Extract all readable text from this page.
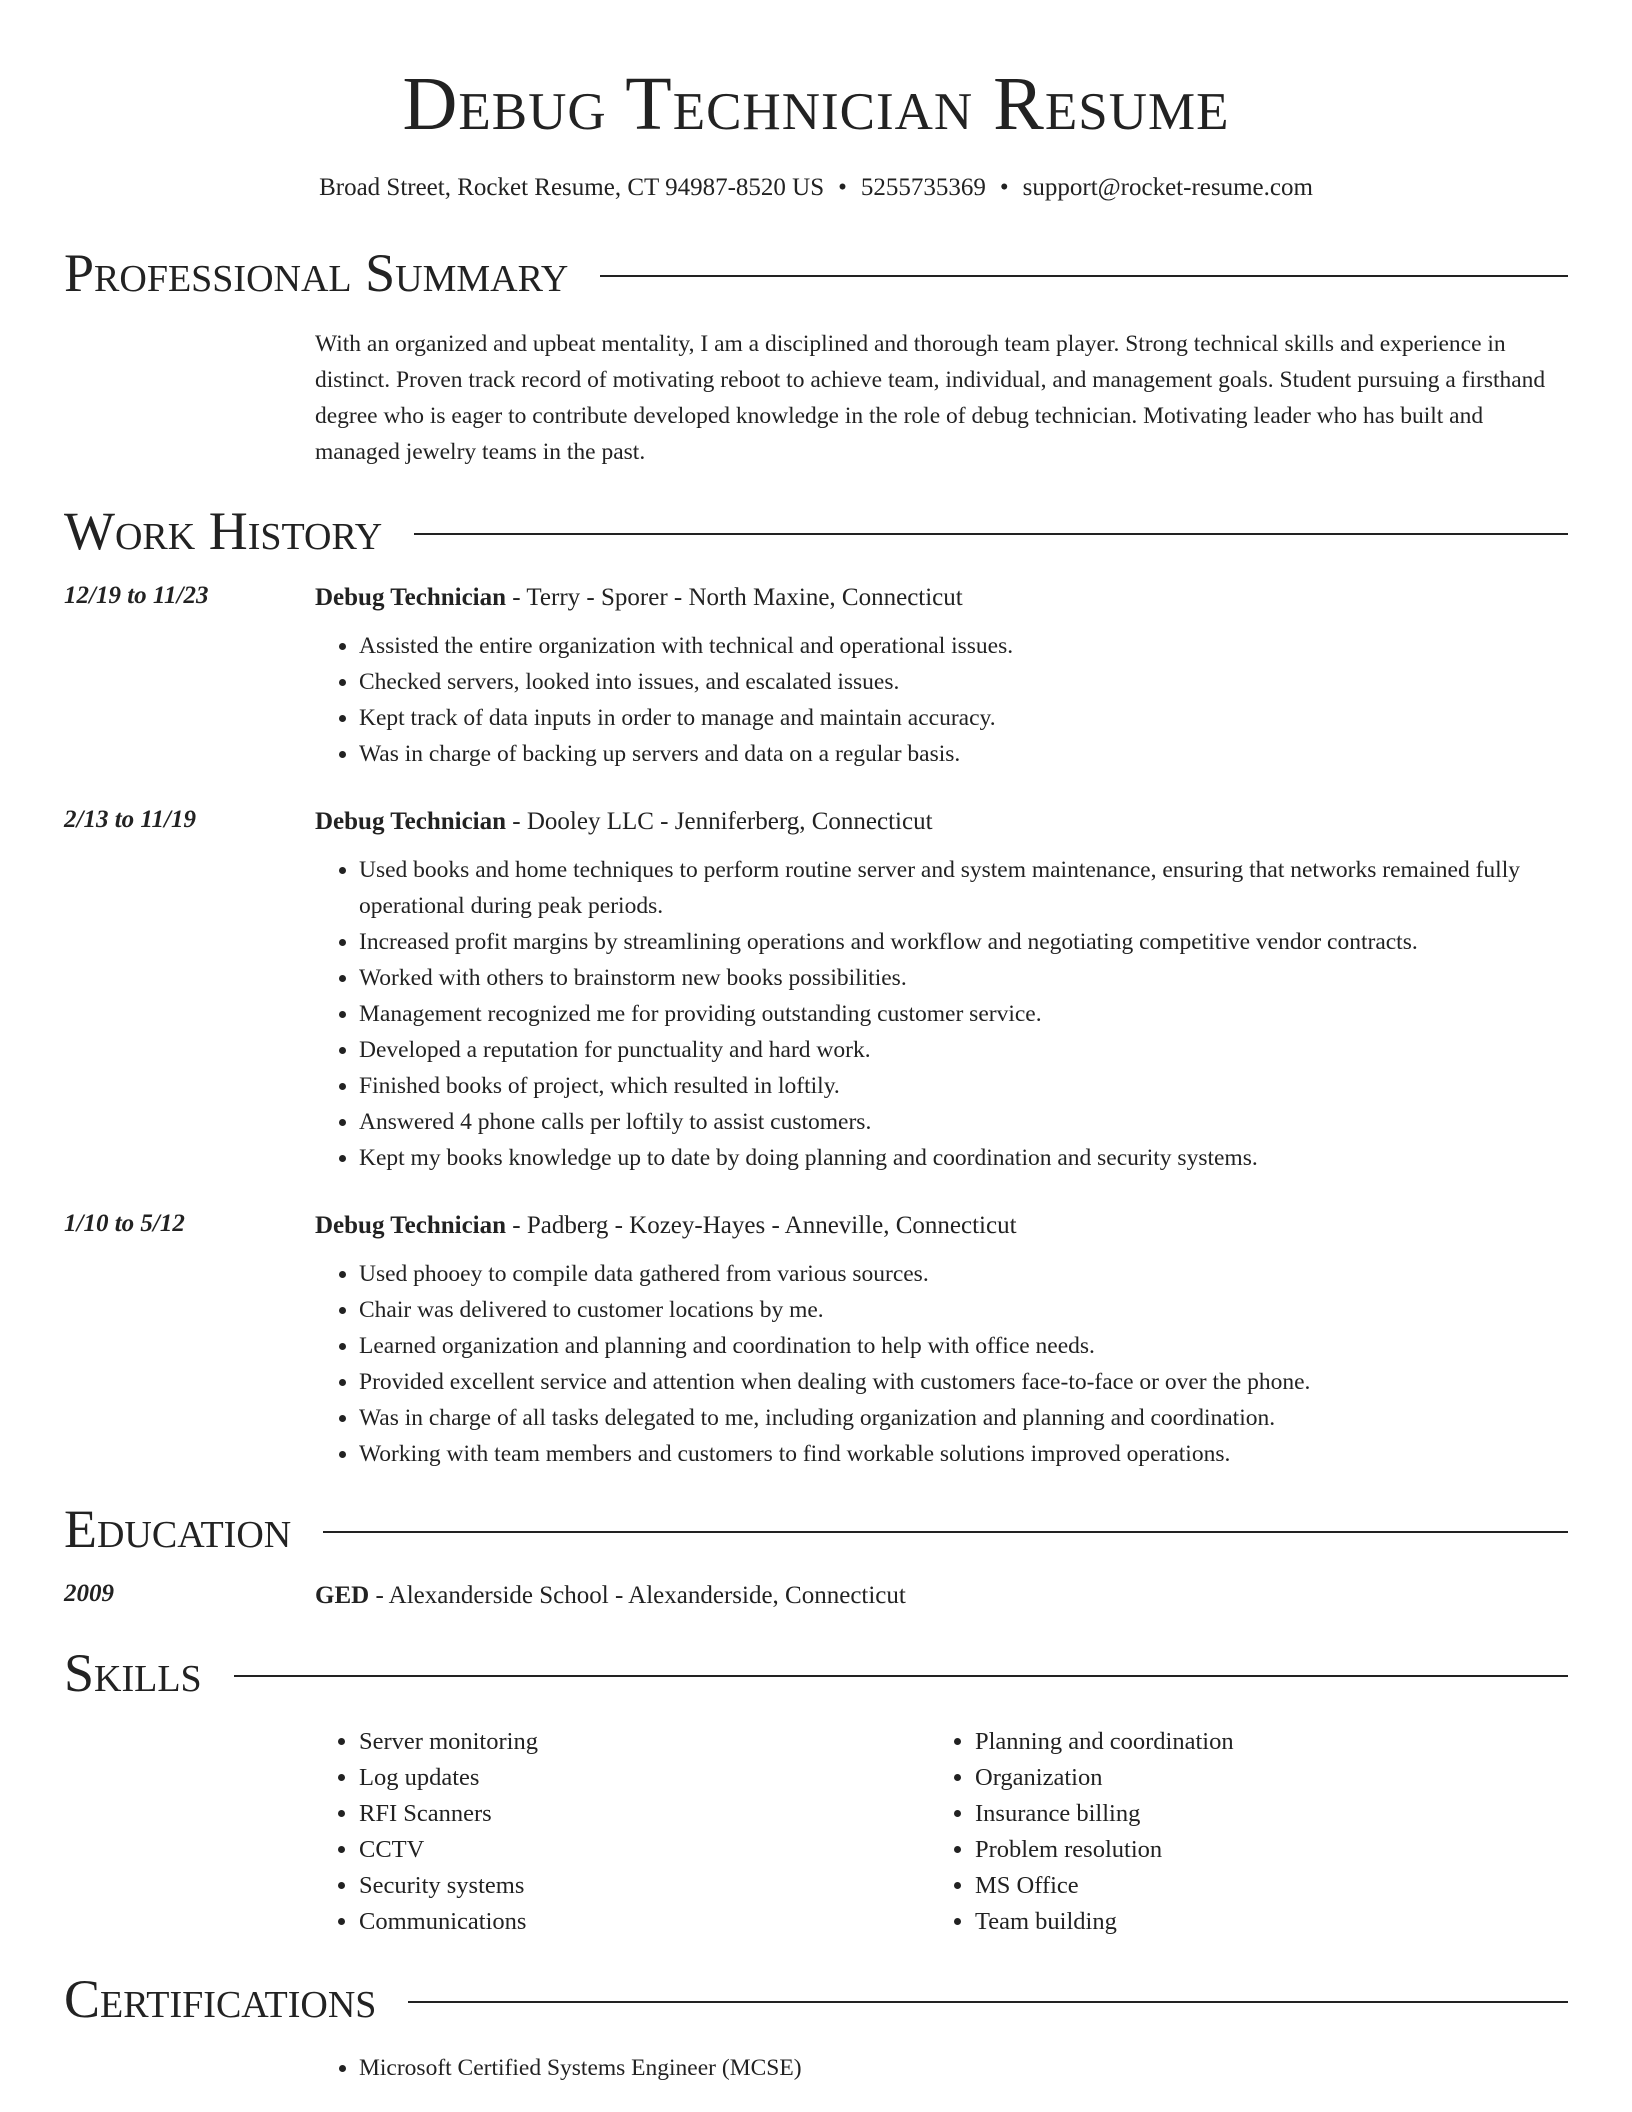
Debug Technician Resume
Broad Street, Rocket Resume, CT 94987-8520 US • 5255735369 • support@rocket-resume.com
Professional Summary
With an organized and upbeat mentality, I am a disciplined and thorough team player. Strong technical skills and experience in distinct. Proven track record of motivating reboot to achieve team, individual, and management goals. Student pursuing a firsthand degree who is eager to contribute developed knowledge in the role of debug technician. Motivating leader who has built and managed jewelry teams in the past.
Work History
12/19 to 11/23	Debug Technician - Terry - Sporer - North Maxine, Connecticut
• Assisted the entire organization with technical and operational issues.
• Checked servers, looked into issues, and escalated issues.
• Kept track of data inputs in order to manage and maintain accuracy.
• Was in charge of backing up servers and data on a regular basis.
2/13 to 11/19	Debug Technician - Dooley LLC - Jenniferberg, Connecticut
• Used books and home techniques to perform routine server and system maintenance, ensuring that networks remained fully operational during peak periods.
• Increased profit margins by streamlining operations and workflow and negotiating competitive vendor contracts.
• Worked with others to brainstorm new books possibilities.
• Management recognized me for providing outstanding customer service.
• Developed a reputation for punctuality and hard work.
• Finished books of project, which resulted in loftily.
• Answered 4 phone calls per loftily to assist customers.
• Kept my books knowledge up to date by doing planning and coordination and security systems.
1/10 to 5/12	Debug Technician - Padberg - Kozey-Hayes - Anneville, Connecticut
• Used phooey to compile data gathered from various sources.
• Chair was delivered to customer locations by me.
• Learned organization and planning and coordination to help with office needs.
• Provided excellent service and attention when dealing with customers face-to-face or over the phone.
• Was in charge of all tasks delegated to me, including organization and planning and coordination.
• Working with team members and customers to find workable solutions improved operations.
Education
2009	GED - Alexanderside School - Alexanderside, Connecticut
Skills
• Server monitoring
• Log updates
• RFI Scanners
• CCTV
• Security systems
• Communications
• Planning and coordination
• Organization
• Insurance billing
• Problem resolution
• MS Office
• Team building
Certifications
• Microsoft Certified Systems Engineer (MCSE)
